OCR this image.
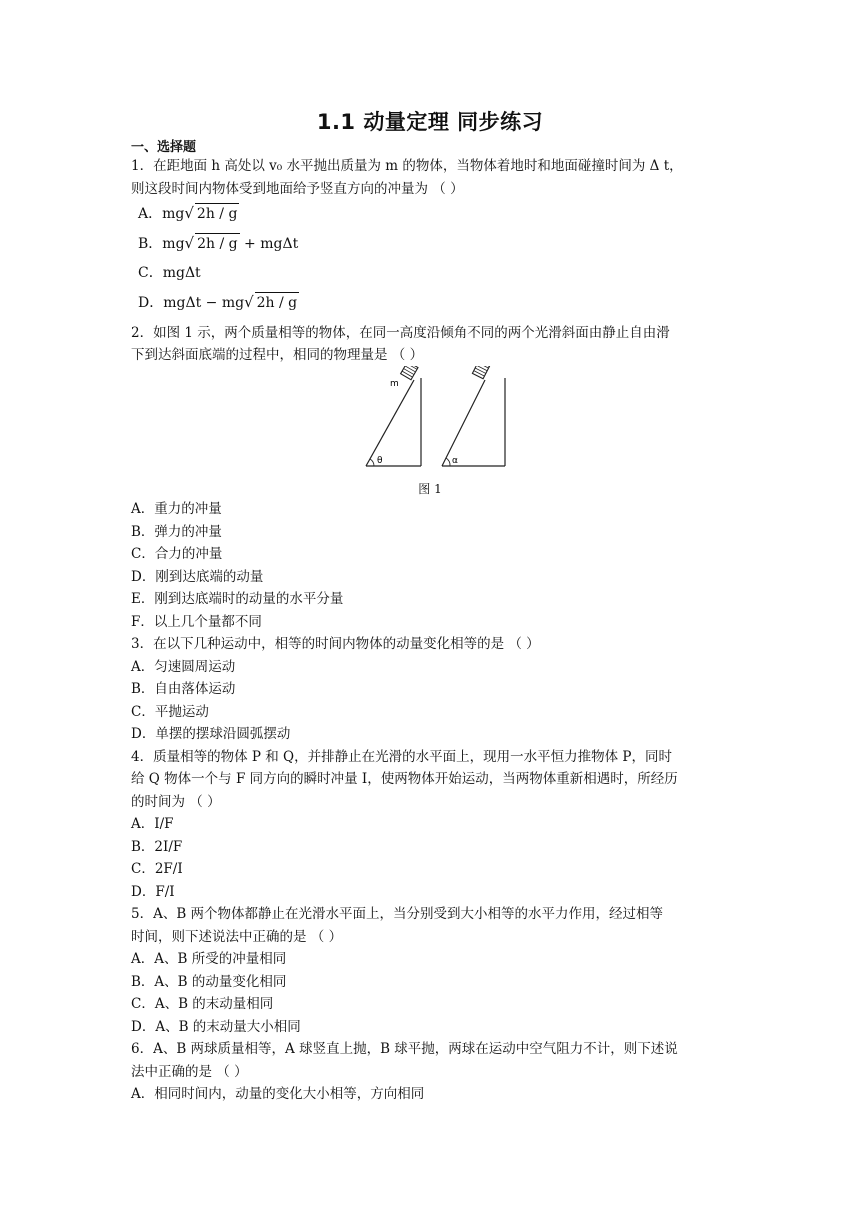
1.1 动量定理 同步练习
一、选择题
1．在距地面 h 高处以 v₀ 水平抛出质量为 m 的物体，当物体着地时和地面碰撞时间为 Δ t，
则这段时间内物体受到地面给予竖直方向的冲量为 （ ）
A．mg√ 2h / g
B．mg√ 2h / g + mgΔt
C．mgΔt
D．mgΔt − mg√ 2h / g
2．如图 1 示，两个质量相等的物体，在同一高度沿倾角不同的两个光滑斜面由静止自由滑
下到达斜面底端的过程中，相同的物理量是 （ ）
m
θ	α
图 1
A．重力的冲量
B．弹力的冲量
C．合力的冲量
D．刚到达底端的动量
E．刚到达底端时的动量的水平分量
F．以上几个量都不同
3．在以下几种运动中，相等的时间内物体的动量变化相等的是 （ ）
A．匀速圆周运动
B．自由落体运动
C．平抛运动
D．单摆的摆球沿圆弧摆动
4．质量相等的物体 P 和 Q，并排静止在光滑的水平面上，现用一水平恒力推物体 P，同时
给 Q 物体一个与 F 同方向的瞬时冲量 I，使两物体开始运动，当两物体重新相遇时，所经历
的时间为 （ ）
A．I/F
B．2I/F
C．2F/I
D．F/I
5．A、B 两个物体都静止在光滑水平面上，当分别受到大小相等的水平力作用，经过相等
时间，则下述说法中正确的是 （ ）
A．A、B 所受的冲量相同
B．A、B 的动量变化相同
C．A、B 的末动量相同
D．A、B 的末动量大小相同
6．A、B 两球质量相等，A 球竖直上抛，B 球平抛，两球在运动中空气阻力不计，则下述说
法中正确的是 （ ）
A．相同时间内，动量的变化大小相等，方向相同
